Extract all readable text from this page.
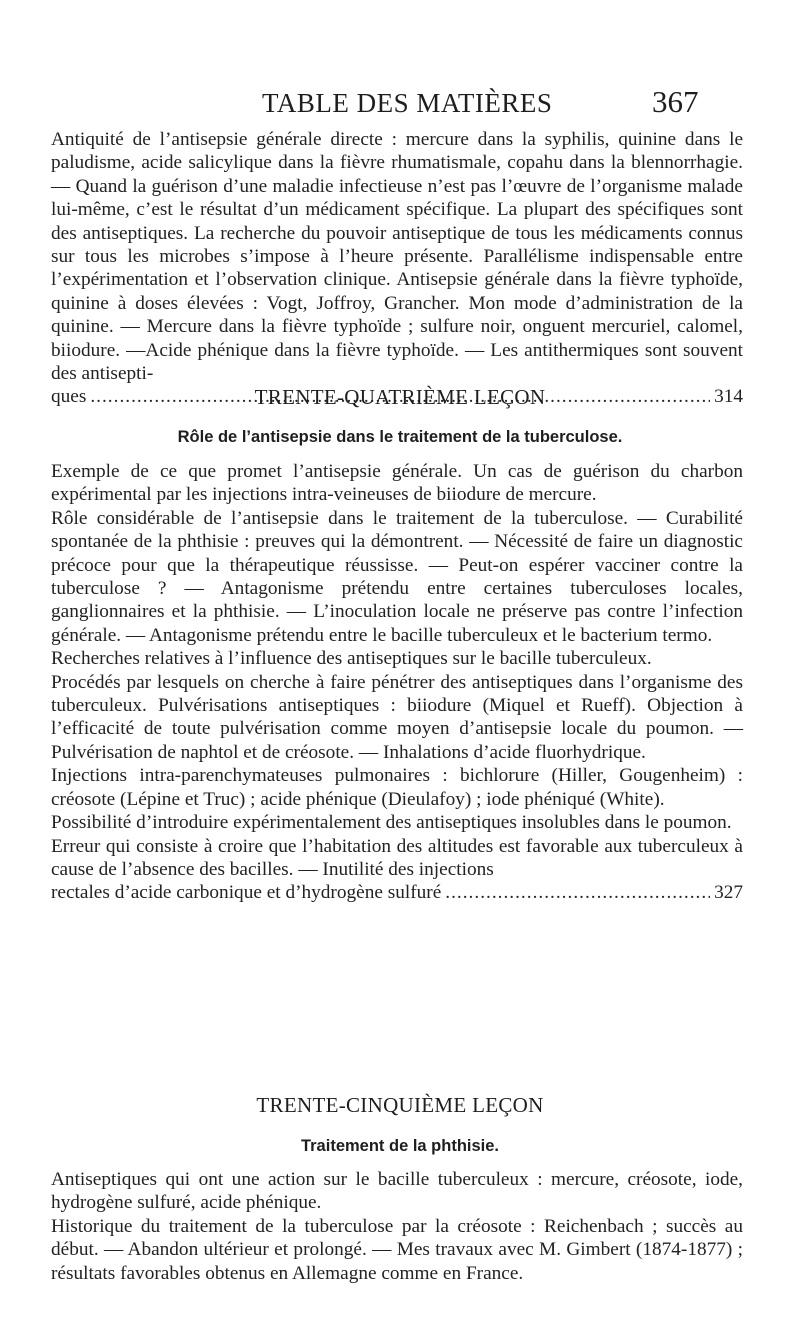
TABLE DES MATIÈRES	367

Antiquité de l’antisepsie générale directe : mercure dans la syphilis, quinine dans le paludisme, acide salicylique dans la fièvre rhumatismale, copahu dans la blennorrhagie. — Quand la guérison d’une maladie infectieuse n’est pas l’œuvre de l’organisme malade lui-même, c’est le résultat d’un médicament spécifique. La plupart des spécifiques sont des antiseptiques. La recherche du pouvoir antiseptique de tous les médicaments connus sur tous les microbes s’impose à l’heure présente. Parallélisme indispensable entre l’expérimentation et l’observation clinique. Antisepsie générale dans la fièvre typhoïde, quinine à doses élevées : Vogt, Joffroy, Grancher. Mon mode d’administration de la quinine. — Mercure dans la fièvre typhoïde ; sulfure noir, onguent mercuriel, calomel, biiodure. —Acide phénique dans la fièvre typhoïde. — Les antithermiques sont souvent des antisepti-

ques .....	314
TRENTE-QUATRIÈME LEÇON
Rôle de l’antisepsie dans le traitement de la tuberculose.

Exemple de ce que promet l’antisepsie générale. Un cas de guérison du charbon expérimental par les injections intra-veineuses de biiodure de mercure.

Rôle considérable de l’antisepsie dans le traitement de la tuberculose. — Curabilité spontanée de la phthisie : preuves qui la démontrent. — Nécessité de faire un diagnostic précoce pour que la thérapeutique réussisse. — Peut-on espérer vacciner contre la tuberculose ? — Antagonisme prétendu entre certaines tuberculoses locales, ganglionnaires et la phthisie. — L’inoculation locale ne préserve pas contre l’infection générale. — Antagonisme prétendu entre le bacille tuberculeux et le bacterium termo.

Recherches relatives à l’influence des antiseptiques sur le bacille tuberculeux.

Procédés par lesquels on cherche à faire pénétrer des antiseptiques dans l’organisme des tuberculeux. Pulvérisations antiseptiques : biiodure (Miquel et Rueff). Objection à l’efficacité de toute pulvérisation comme moyen d’antisepsie locale du poumon. — Pulvérisation de naphtol et de créosote. — Inhalations d’acide fluorhydrique.

Injections intra-parenchymateuses pulmonaires : bichlorure (Hiller, Gougenheim) : créosote (Lépine et Truc) ; acide phénique (Dieulafoy) ; iode phéniqué (White).

Possibilité d’introduire expérimentalement des antiseptiques insolubles dans le poumon.

Erreur qui consiste à croire que l’habitation des altitudes est favorable aux tuberculeux à cause de l’absence des bacilles. — Inutilité des injections

rectales d’acide carbonique et d’hydrogène sulfuré .....	327
TRENTE-CINQUIÈME LEÇON
Traitement de la phthisie.

Antiseptiques qui ont une action sur le bacille tuberculeux : mercure, créosote, iode, hydrogène sulfuré, acide phénique.

Historique du traitement de la tuberculose par la créosote : Reichenbach ; succès au début. — Abandon ultérieur et prolongé. — Mes travaux avec M. Gimbert (1874-1877) ; résultats favorables obtenus en Allemagne comme en France.
